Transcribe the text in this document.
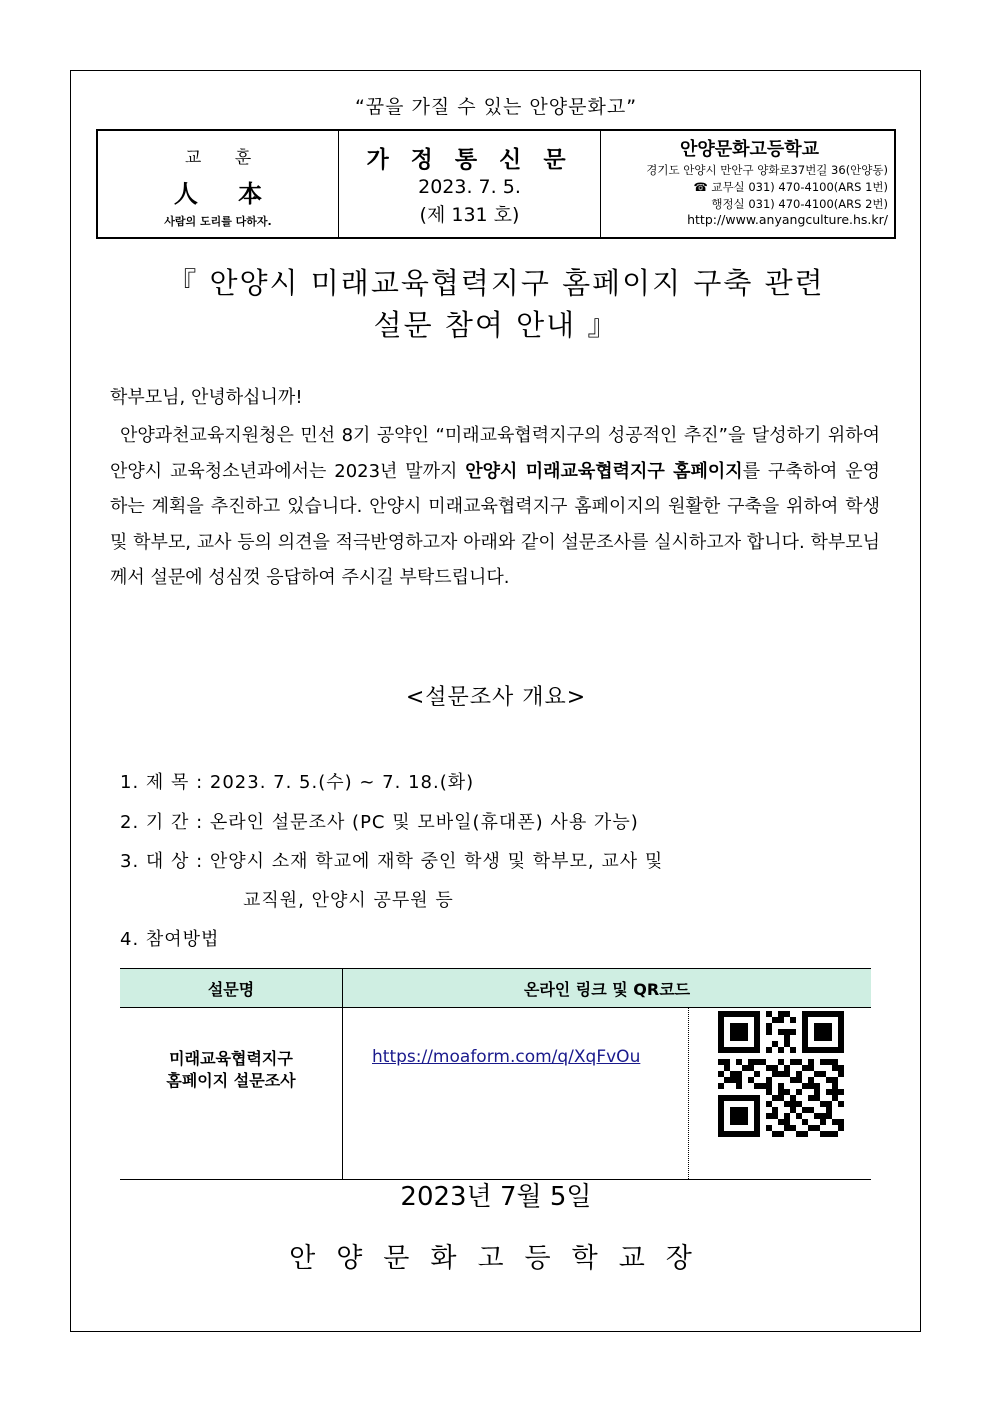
“꿈을 가질 수 있는 안양문화고”
교 훈
人 本
사람의 도리를 다하자.
가 정 통 신 문
2023. 7. 5.
(제 131 호)
안양문화고등학교
경기도 안양시 만안구 양화로37번길 36(안양동)
☎ 교무실 031) 470-4100(ARS 1번)
행정실 031) 470-4100(ARS 2번)
http://www.anyangculture.hs.kr/
『 안양시 미래교육협력지구 홈페이지 구축 관련
설문 참여 안내 』
학부모님, 안녕하십니까!
안양과천교육지원청은 민선 8기 공약인 “미래교육협력지구의 성공적인 추진”을 달성하기 위하여 안양시 교육청소년과에서는 2023년 말까지 안양시 미래교육협력지구 홈페이지를 구축하여 운영하는 계획을 추진하고 있습니다. 안양시 미래교육협력지구 홈페이지의 원활한 구축을 위하여 학생 및 학부모, 교사 등의 의견을 적극반영하고자 아래와 같이 설문조사를 실시하고자 합니다. 학부모님께서 설문에 성심껏 응답하여 주시길 부탁드립니다.
<설문조사 개요>
1. 제 목 : 2023. 7. 5.(수) ~ 7. 18.(화)
2. 기 간 : 온라인 설문조사 (PC 및 모바일(휴대폰) 사용 가능)
3. 대 상 : 안양시 소재 학교에 재학 중인 학생 및 학부모, 교사 및
교직원, 안양시 공무원 등
4. 참여방법
설문명	온라인 링크 및 QR코드	

미래교육협력지구
홈페이지 설문조사	https://moaform.com/q/XqFvOu

2023년 7월 5일
안양문화고등학교장
